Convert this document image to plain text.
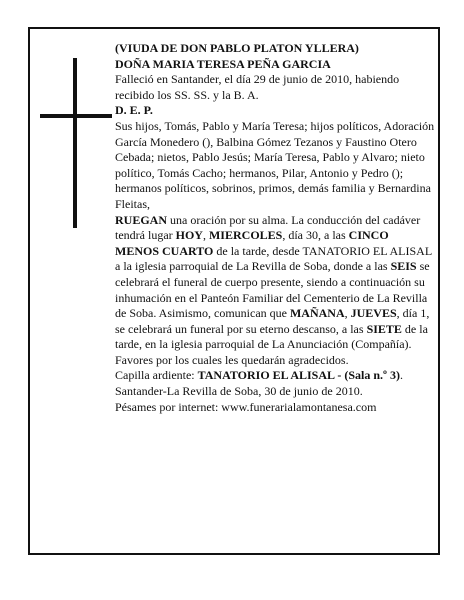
(VIUDA DE DON PABLO PLATON YLLERA)

DOÑA MARIA TERESA PEÑA GARCIA

Falleció en Santander, el día 29 de junio de 2010, habiendo recibido los SS. SS. y la B. A.

D. E. P.

Sus hijos, Tomás, Pablo y María Teresa; hijos políticos, Adoración García Monedero (), Balbina Gómez Tezanos y Faustino Otero Cebada; nietos, Pablo Jesús; María Teresa, Pablo y Alvaro; nieto político, Tomás Cacho; hermanos, Pilar, Antonio y Pedro (); hermanos políticos, sobrinos, primos, demás familia y Bernardina Fleitas,

RUEGAN una oración por su alma. La conducción del cadáver tendrá lugar HOY, MIERCOLES, día 30, a las CINCO MENOS CUARTO de la tarde, desde TANATORIO EL ALISAL a la iglesia parroquial de La Revilla de Soba, donde a las SEIS se celebrará el funeral de cuerpo presente, siendo a continuación su inhumación en el Panteón Familiar del Cementerio de La Revilla de Soba. Asimismo, comunican que MAÑANA, JUEVES, día 1, se celebrará un funeral por su eterno descanso, a las SIETE de la tarde, en la iglesia parroquial de La Anunciación (Compañía). Favores por los cuales les quedarán agradecidos.

Capilla ardiente: TANATORIO EL ALISAL - (Sala n.º 3).

Santander-La Revilla de Soba, 30 de junio de 2010.

Pésames por internet: www.funerarialamontanesa.com
